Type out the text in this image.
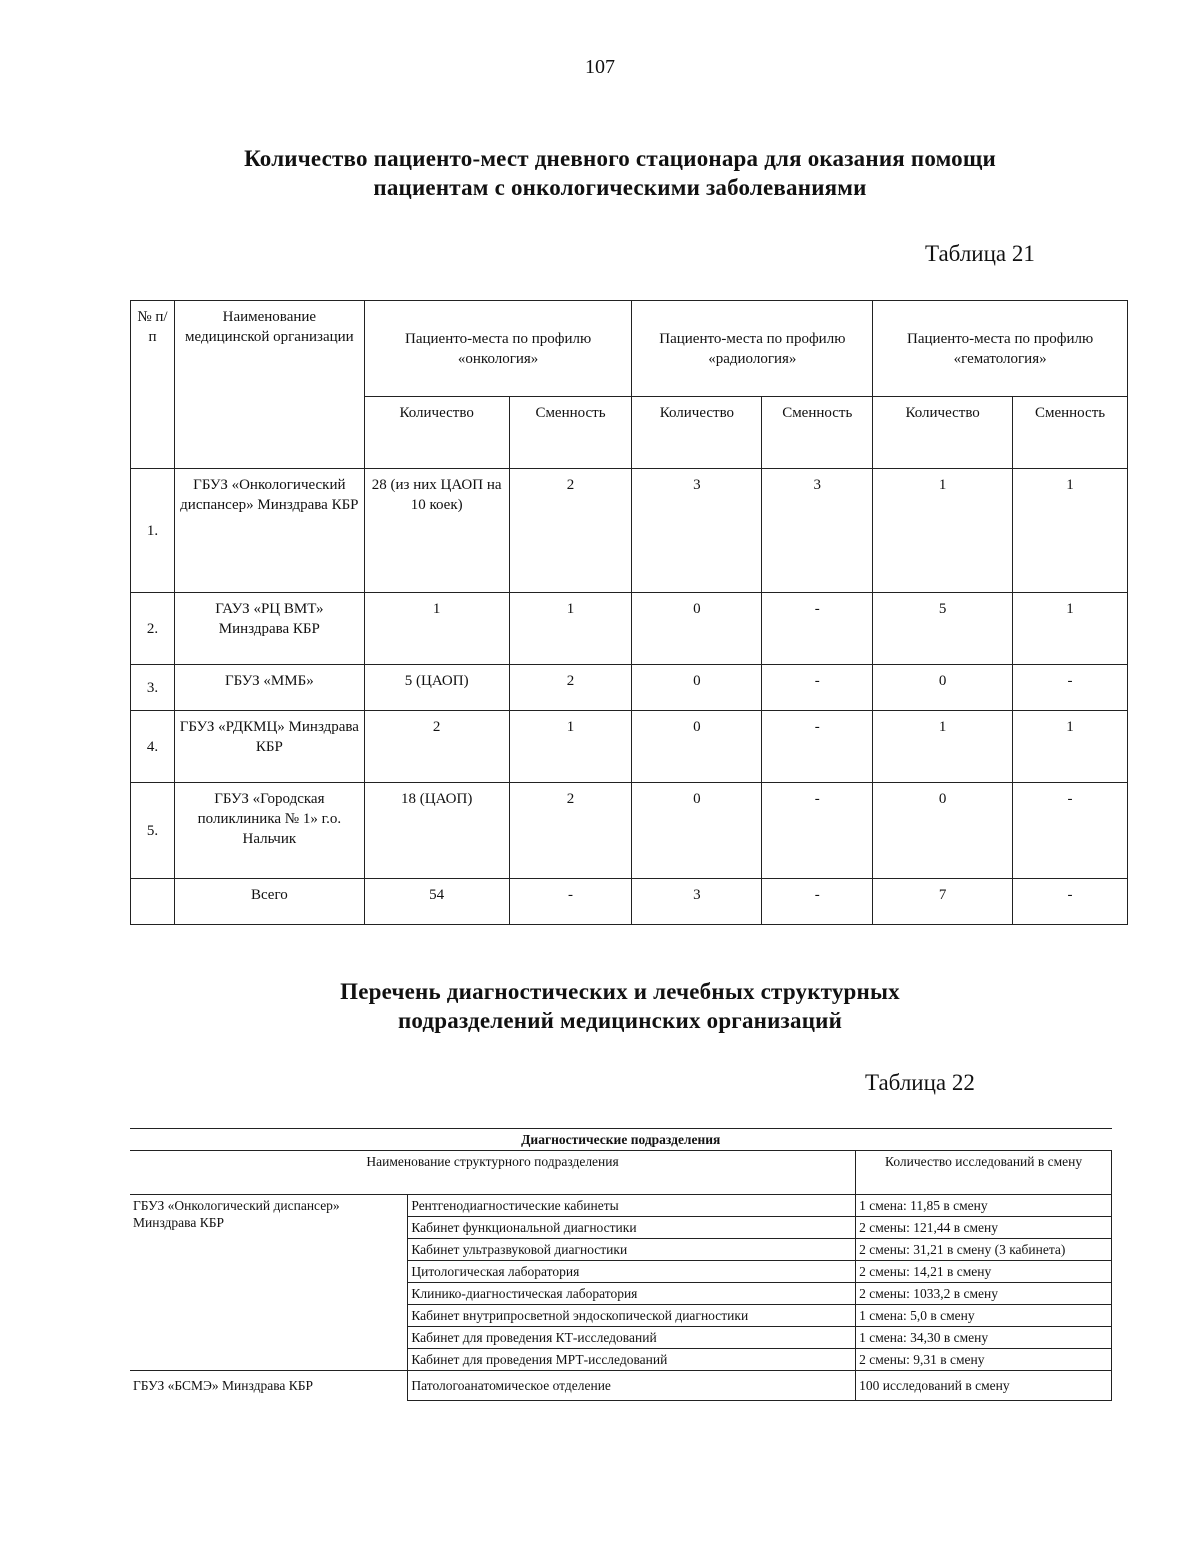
107
Количество пациенто-мест дневного стационара для оказания помощи
пациентам с онкологическими заболеваниями
Таблица 21
№ п/п	Наименование медицинской организации	Пациенто-места по профилю «онкология»		Пациенто-места по профилю «радиология»		Пациенто-места по профилю «гематология»	
		Количество	Сменность	Количество	Сменность	Количество	Сменность
1.	ГБУЗ «Онкологический диспансер» Минздрава КБР	28 (из них ЦАОП на 10 коек)	2	3	3	1	1
2.	ГАУЗ «РЦ ВМТ» Минздрава КБР	1	1	0	-	5	1
3.	ГБУЗ «ММБ»	5 (ЦАОП)	2	0	-	0	-
4.	ГБУЗ «РДКМЦ» Минздрава КБР	2	1	0	-	1	1
5.	ГБУЗ «Городская поликлиника № 1» г.о. Нальчик	18 (ЦАОП)	2	0	-	0	-
	Всего	54	-	3	-	7	-
Перечень диагностических и лечебных структурных
подразделений медицинских организаций
Таблица 22
Диагностические подразделения		
Наименование структурного подразделения		Количество исследований в смену
ГБУЗ «Онкологический диспансер» Минздрава КБР	Рентгенодиагностические кабинеты	1 смена: 11,85 в смену
	Кабинет функциональной диагностики	2 смены: 121,44 в смену
	Кабинет ультразвуковой диагностики	2 смены: 31,21 в смену (3 кабинета)
	Цитологическая лаборатория	2 смены: 14,21 в смену
	Клинико-диагностическая лаборатория	2 смены: 1033,2 в смену
	Кабинет внутрипросветной эндоскопической диагностики	1 смена: 5,0 в смену
	Кабинет для проведения КТ-исследований	1 смена: 34,30 в смену
	Кабинет для проведения МРТ-исследований	2 смены: 9,31 в смену
ГБУЗ «БСМЭ» Минздрава КБР	Патологоанатомическое отделение	100 исследований в смену
